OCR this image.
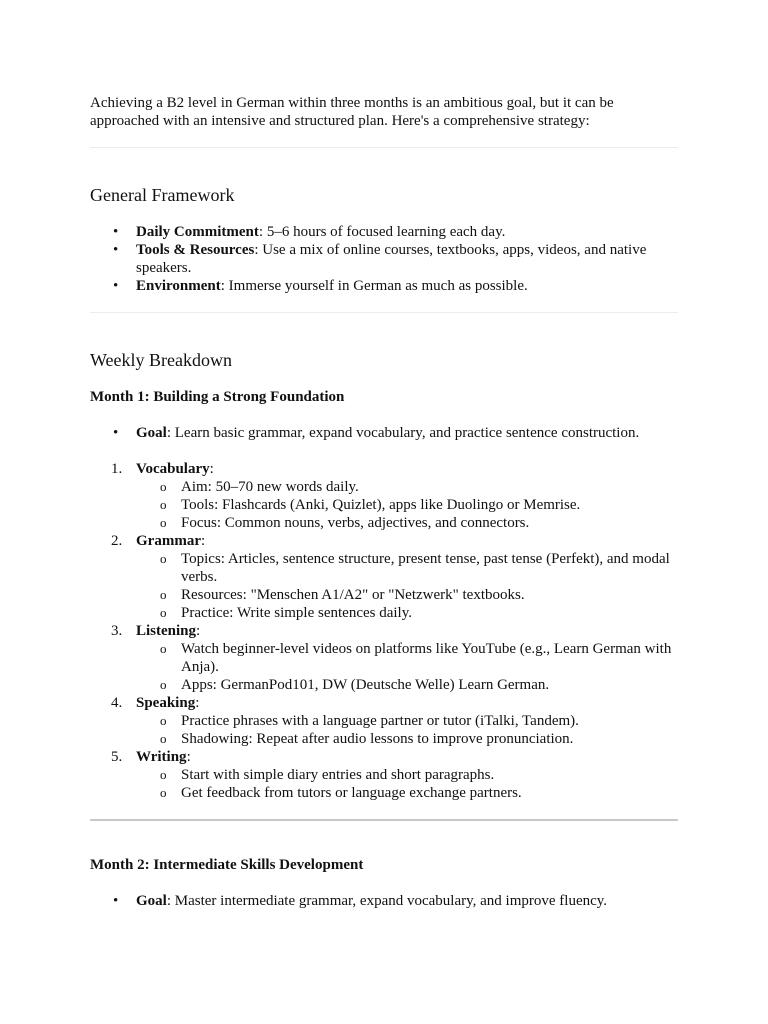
Achieving a B2 level in German within three months is an ambitious goal, but it can be approached with an intensive and structured plan. Here's a comprehensive strategy:

General Framework
• Daily Commitment: 5–6 hours of focused learning each day.
• Tools & Resources: Use a mix of online courses, textbooks, apps, videos, and native speakers.
• Environment: Immerse yourself in German as much as possible.
Weekly Breakdown
Month 1: Building a Strong Foundation
• Goal: Learn basic grammar, expand vocabulary, and practice sentence construction.
1. Vocabulary:
o Aim: 50–70 new words daily.
o Tools: Flashcards (Anki, Quizlet), apps like Duolingo or Memrise.
o Focus: Common nouns, verbs, adjectives, and connectors.
2. Grammar:
o Topics: Articles, sentence structure, present tense, past tense (Perfekt), and modal verbs.
o Resources: "Menschen A1/A2" or "Netzwerk" textbooks.
o Practice: Write simple sentences daily.
3. Listening:
o Watch beginner-level videos on platforms like YouTube (e.g., Learn German with Anja).
o Apps: GermanPod101, DW (Deutsche Welle) Learn German.
4. Speaking:
o Practice phrases with a language partner or tutor (iTalki, Tandem).
o Shadowing: Repeat after audio lessons to improve pronunciation.
5. Writing:
o Start with simple diary entries and short paragraphs.
o Get feedback from tutors or language exchange partners.
Month 2: Intermediate Skills Development
• Goal: Master intermediate grammar, expand vocabulary, and improve fluency.
